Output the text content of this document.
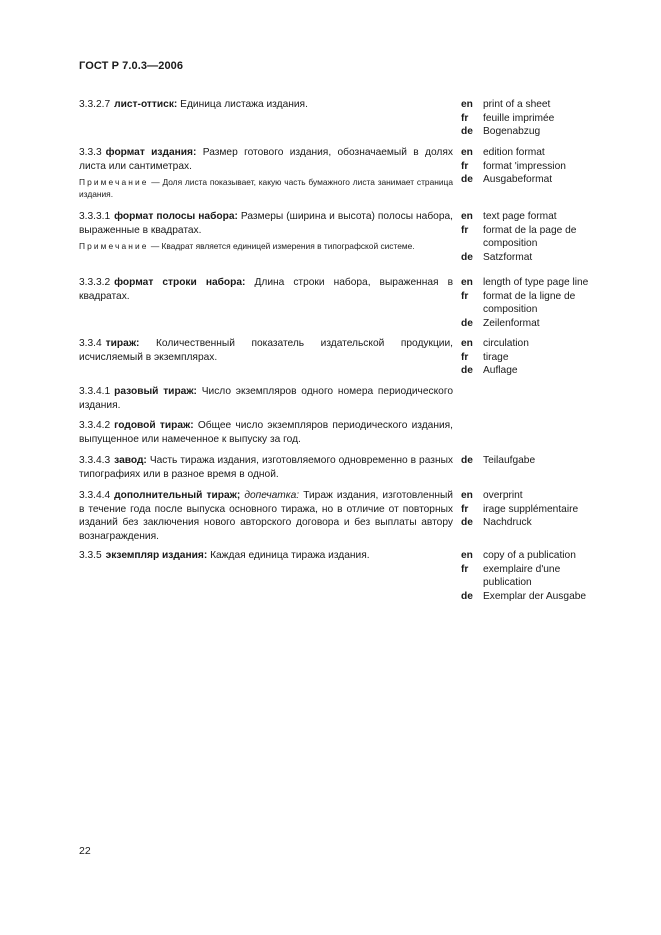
ГОСТ Р 7.0.3—2006
3.3.2.7 лист-оттиск: Единица листажа издания.	en print of a sheet
fr	feuille imprimée
de Bogenabzug
3.3.3 формат издания: Размер готового издания, обозначаемый в долях листа или сантиметрах.
Примечание — Доля листа показывает, какую часть бумажного листа занимает страница издания.
en edition format
fr	format 'impression
de Ausgabeformat
3.3.3.1 формат полосы набора: Размеры (ширина и высота) полосы набора, выраженные в квадратах.
Примечание — Квадрат является единицей измерения в типографской системе.
en text page format
fr	format de la page de composition
de Satzformat
3.3.3.2 формат строки набора: Длина строки набора, выраженная в квадратах.
en length of type page line
fr	format de la ligne de composition
de Zeilenformat
3.3.4 тираж: Количественный показатель издательской продукции, исчисляемый в экземплярах.
en circulation
fr	tirage
de Auflage
3.3.4.1 разовый тираж: Число экземпляров одного номера периодического издания.
3.3.4.2 годовой тираж: Общее число экземпляров периодического издания, выпущенное или намеченное к выпуску за год.
3.3.4.3 завод: Часть тиража издания, изготовляемого одновременно в разных типографиях или в разное время в одной.
de Teilaufgabe
3.3.4.4 дополнительный тираж; допечатка: Тираж издания, изготовленный в течение года после выпуска основного тиража, но в отличие от повторных изданий без заключения нового авторского договора и без выплаты автору вознаграждения.
en overprint
fr	irage supplémentaire
de Nachdruck
3.3.5 экземпляр издания: Каждая единица тиража издания.	en copy of a publication
fr	exemplaire d'une publication
de Exemplar der Ausgabe
22
